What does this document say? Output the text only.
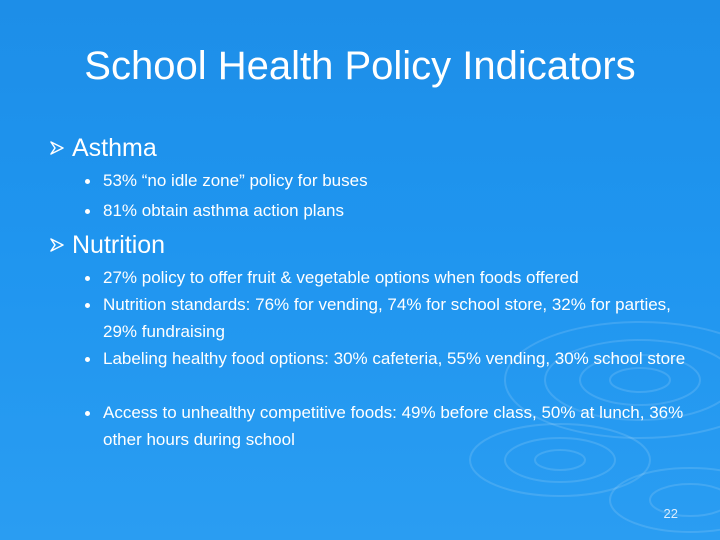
School Health Policy Indicators
Asthma
53% “no idle zone” policy for buses
81% obtain asthma action plans
Nutrition
27% policy to offer fruit & vegetable options when foods offered
Nutrition standards: 76% for vending, 74% for school store, 32% for parties, 29% fundraising
Labeling healthy food options: 30% cafeteria, 55% vending, 30% school store
Access to unhealthy competitive foods: 49% before class, 50% at lunch, 36% other hours during school
22
